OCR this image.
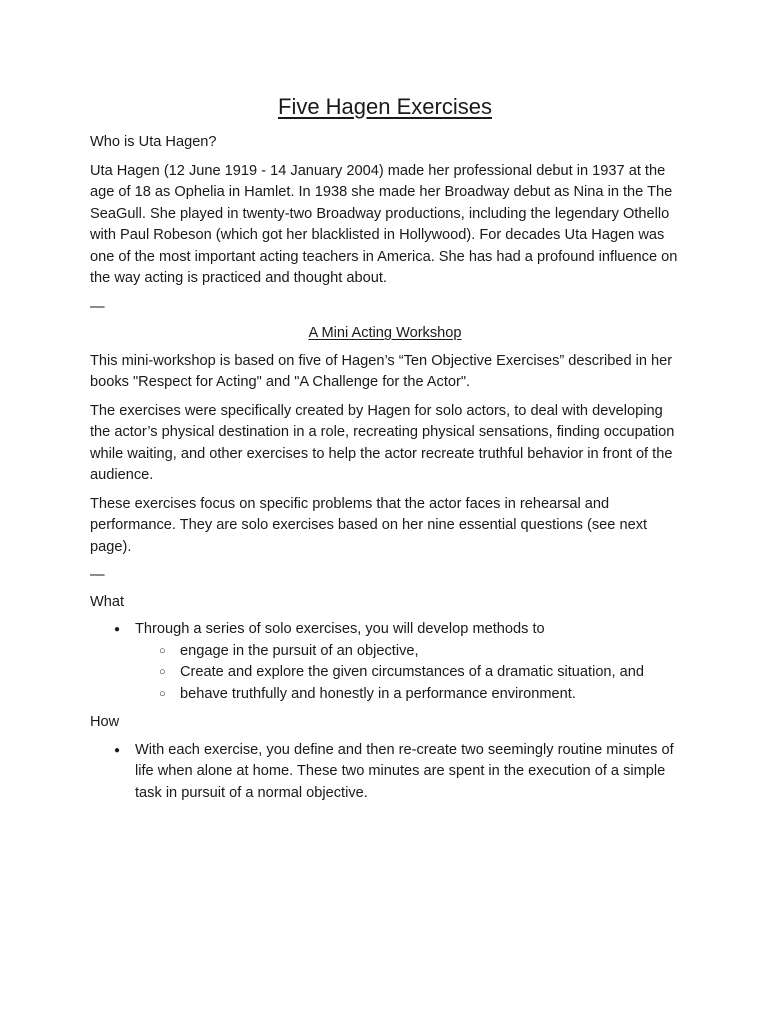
Five Hagen Exercises

Who is Uta Hagen?

Uta Hagen (12 June 1919 - 14 January 2004) made her professional debut in 1937 at the age of 18 as Ophelia in Hamlet. In 1938 she made her Broadway debut as Nina in the The SeaGull. She played in twenty-two Broadway productions, including the legendary Othello with Paul Robeson (which got her blacklisted in Hollywood). For decades Uta Hagen was one of the most important acting teachers in America. She has had a profound influence on the way acting is practiced and thought about.

—
A Mini Acting Workshop

This mini-workshop is based on five of Hagen’s “Ten Objective Exercises” described in her books "Respect for Acting" and "A Challenge for the Actor".

The exercises were specifically created by Hagen for solo actors, to deal with developing the actor’s physical destination in a role, recreating physical sensations, finding occupation while waiting, and other exercises to help the actor recreate truthful behavior in front of the audience.

These exercises focus on specific problems that the actor faces in rehearsal and performance. They are solo exercises based on her nine essential questions (see next page).

—

What

● Through a series of solo exercises, you will develop methods to
○ engage in the pursuit of an objective,
○ Create and explore the given circumstances of a dramatic situation, and
○ behave truthfully and honestly in a performance environment.

How

● With each exercise, you define and then re-create two seemingly routine minutes of life when alone at home. These two minutes are spent in the execution of a simple task in pursuit of a normal objective.
